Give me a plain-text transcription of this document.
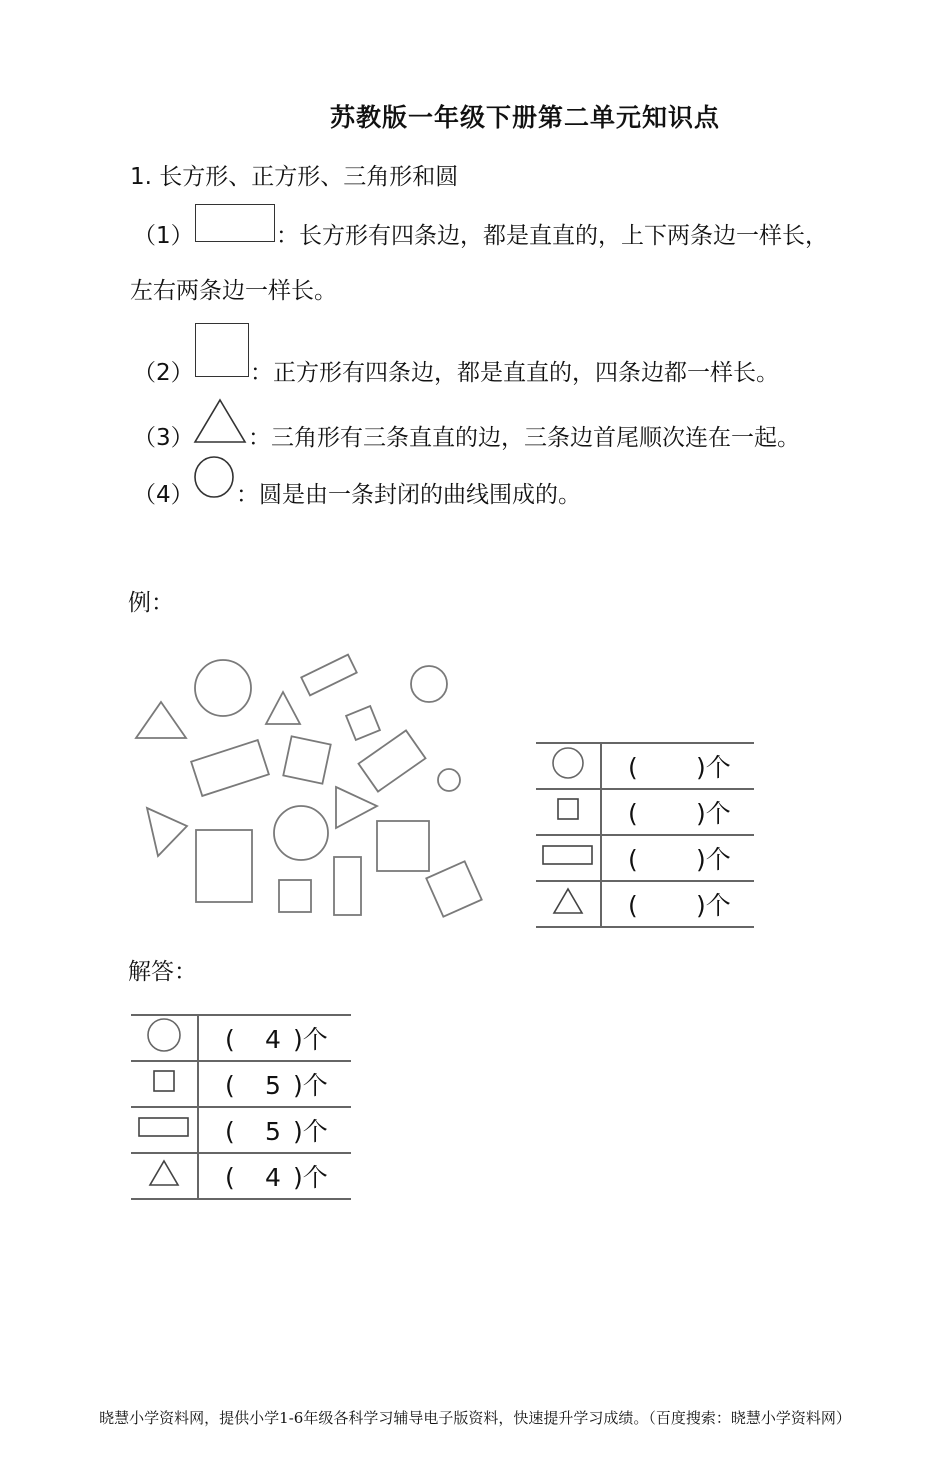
苏教版一年级下册第二单元知识点
1. 长方形、正方形、三角形和圆
（1）	：长方形有四条边，都是直直的，上下两条边一样长，
左右两条边一样长。
（2） ：正方形有四条边，都是直直的，四条边都一样长。
（3） ：三角形有三条直直的边，三条边首尾顺次连在一起。
（4） ：圆是由一条封闭的曲线围成的。
例：
	( )个
	( )个
	( )个
	( )个
解答：
	( 4 )个
	( 5 )个
	( 5 )个
	( 4 )个
晓慧小学资料网，提供小学1-6年级各科学习辅导电子版资料，快速提升学习成绩。（百度搜索：晓慧小学资料网）
